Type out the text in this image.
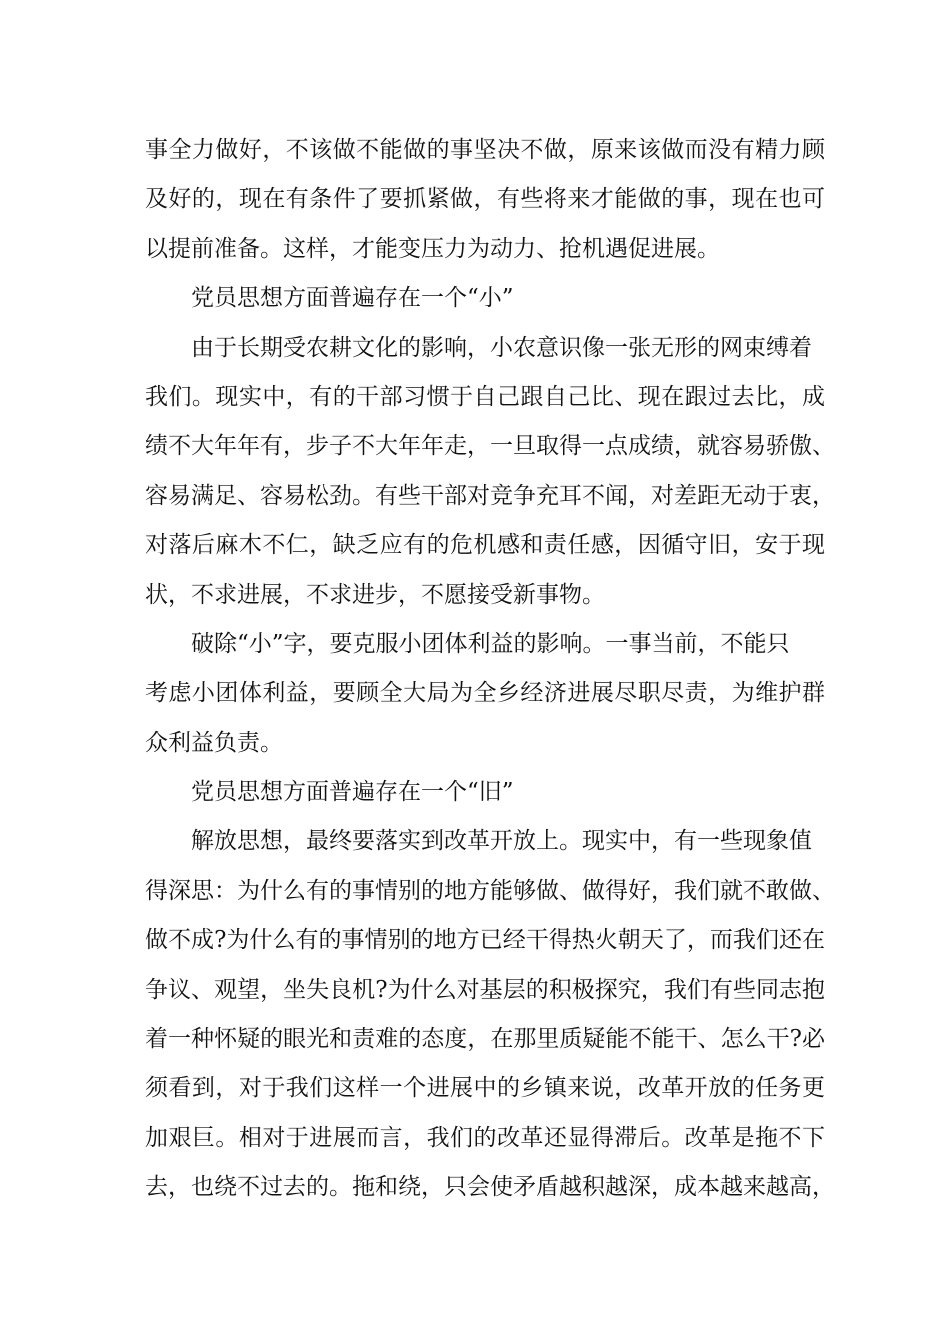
事全力做好，不该做不能做的事坚决不做，原来该做而没有精力顾
及好的，现在有条件了要抓紧做，有些将来才能做的事，现在也可
以提前准备。这样，才能变压力为动力、抢机遇促进展。
党员思想方面普遍存在一个“小”
由于长期受农耕文化的影响，小农意识像一张无形的网束缚着
我们。现实中，有的干部习惯于自己跟自己比、现在跟过去比，成
绩不大年年有，步子不大年年走，一旦取得一点成绩，就容易骄傲、
容易满足、容易松劲。有些干部对竞争充耳不闻，对差距无动于衷，
对落后麻木不仁，缺乏应有的危机感和责任感，因循守旧，安于现
状，不求进展，不求进步，不愿接受新事物。
破除“小”字，要克服小团体利益的影响。一事当前，不能只
考虑小团体利益，要顾全大局为全乡经济进展尽职尽责，为维护群
众利益负责。
党员思想方面普遍存在一个“旧”
解放思想，最终要落实到改革开放上。现实中，有一些现象值
得深思：为什么有的事情别的地方能够做、做得好，我们就不敢做、
做不成?为什么有的事情别的地方已经干得热火朝天了，而我们还在
争议、观望，坐失良机?为什么对基层的积极探究，我们有些同志抱
着一种怀疑的眼光和责难的态度，在那里质疑能不能干、怎么干?必
须看到，对于我们这样一个进展中的乡镇来说，改革开放的任务更
加艰巨。相对于进展而言，我们的改革还显得滞后。改革是拖不下
去，也绕不过去的。拖和绕，只会使矛盾越积越深，成本越来越高，
